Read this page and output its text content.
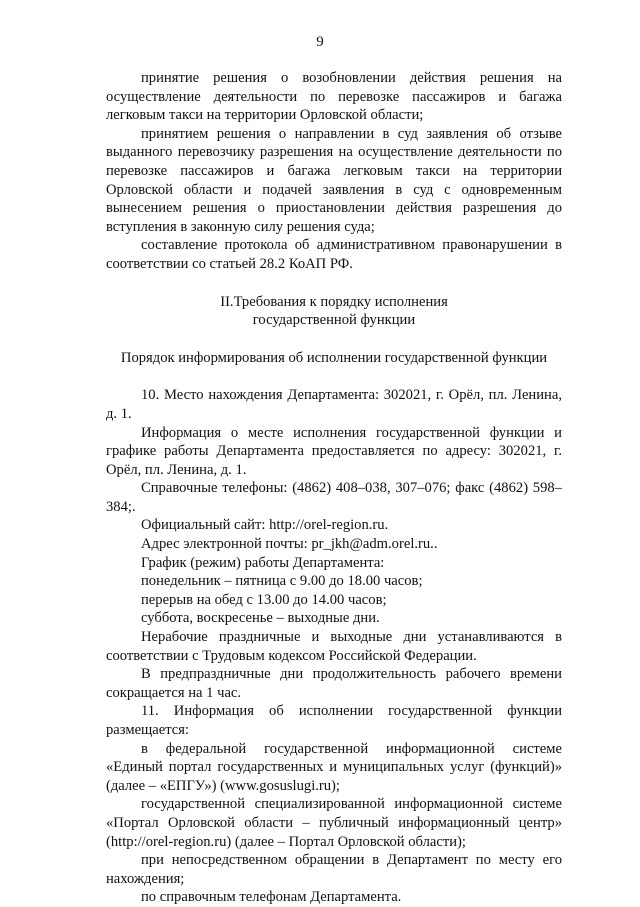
9

принятие решения о возобновлении действия решения на осуществление деятельности по перевозке пассажиров и багажа легковым такси на территории Орловской области;

принятием решения о направлении в суд заявления об отзыве выданного перевозчику разрешения на осуществление деятельности по перевозке пассажиров и багажа легковым такси на территории Орловской области и подачей заявления в суд с одновременным вынесением решения о приостановлении действия разрешения до вступления в законную силу решения суда;

составление протокола об административном правонарушении в соответствии со статьей 28.2 КоАП РФ.

II.Требования к порядку исполнения

государственной функции

Порядок информирования об исполнении государственной функции

10. Место нахождения Департамента: 302021, г. Орёл, пл. Ленина, д. 1.

Информация о месте исполнения государственной функции и графике работы Департамента предоставляется по адресу: 302021, г. Орёл, пл. Ленина, д. 1.

Справочные телефоны: (4862) 408–038, 307–076; факс (4862) 598–384;.

Официальный сайт: http://orel-region.ru.

Адрес электронной почты: pr_jkh@adm.orel.ru..

График (режим) работы Департамента:

понедельник – пятница с 9.00 до 18.00 часов;

перерыв на обед с 13.00 до 14.00 часов;

суббота, воскресенье – выходные дни.

Нерабочие праздничные и выходные дни устанавливаются в соответствии с Трудовым кодексом Российской Федерации.

В предпраздничные дни продолжительность рабочего времени сокращается на 1 час.

11. Информация об исполнении государственной функции размещается:

в федеральной государственной информационной системе «Единый портал государственных и муниципальных услуг (функций)» (далее – «ЕПГУ») (www.gosuslugi.ru);

государственной специализированной информационной системе «Портал Орловской области – публичный информационный центр» (http://orel-region.ru) (далее – Портал Орловской области);

при непосредственном обращении в Департамент по месту его нахождения;

по справочным телефонам Департамента.
